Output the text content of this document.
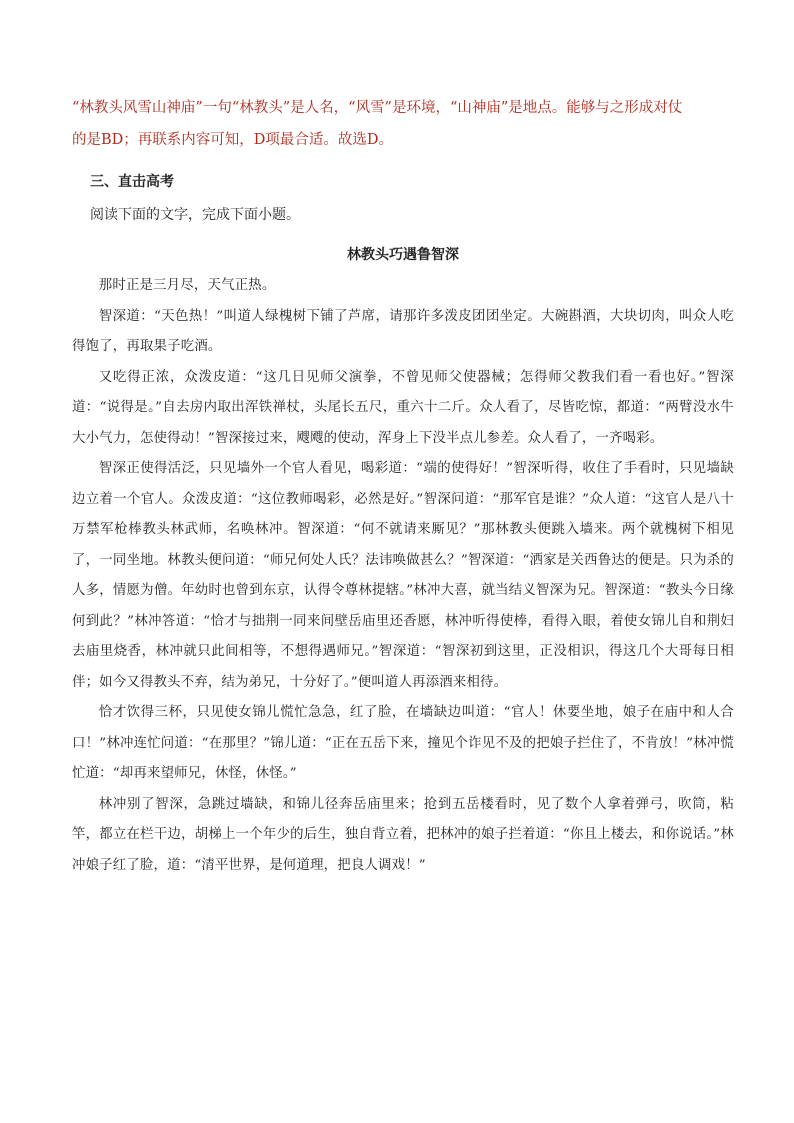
“林教头风雪山神庙”一句“林教头”是人名，“风雪”是环境，“山神庙”是地点。能够与之形成对仗
的是BD；再联系内容可知，D项最合适。故选D。

三、直击高考
阅读下面的文字，完成下面小题。
林教头巧遇鲁智深

那时正是三月尽，天气正热。

智深道：“天色热！”叫道人绿槐树下铺了芦席，请那许多泼皮团团坐定。大碗斟酒，大块切肉，叫众人吃得饱了，再取果子吃酒。

又吃得正浓，众泼皮道：“这几日见师父演拳，不曾见师父使器械；怎得师父教我们看一看也好。”智深道：“说得是。”自去房内取出浑铁禅杖，头尾长五尺，重六十二斤。众人看了，尽皆吃惊，都道：“两臂没水牛大小气力，怎使得动！”智深接过来，飕飕的使动，浑身上下没半点儿参差。众人看了，一齐喝彩。

智深正使得活泛，只见墙外一个官人看见，喝彩道：“端的使得好！”智深听得，收住了手看时，只见墙缺边立着一个官人。众泼皮道：“这位教师喝彩，必然是好。”智深问道：“那军官是谁？”众人道：“这官人是八十万禁军枪棒教头林武师，名唤林冲。智深道：“何不就请来厮见？”那林教头便跳入墙来。两个就槐树下相见了，一同坐地。林教头便问道：“师兄何处人氏？法讳唤做甚么？”智深道：“洒家是关西鲁达的便是。只为杀的人多，情愿为僧。年幼时也曾到东京，认得令尊林提辖。”林冲大喜，就当结义智深为兄。智深道：“教头今日缘何到此？”林冲答道：“恰才与拙荆一同来间壁岳庙里还香愿，林冲听得使棒，看得入眼，着使女锦儿自和荆妇去庙里烧香，林冲就只此间相等，不想得遇师兄。”智深道：“智深初到这里，正没相识，得这几个大哥每日相伴；如今又得教头不弃，结为弟兄，十分好了。”便叫道人再添酒来相待。

恰才饮得三杯，只见使女锦儿慌忙急急，红了脸，在墙缺边叫道：“官人！休要坐地，娘子在庙中和人合口！”林冲连忙问道：“在那里？”锦儿道：“正在五岳下来，撞见个诈见不及的把娘子拦住了，不肯放！”林冲慌忙道：“却再来望师兄，休怪，休怪。”

林冲别了智深，急跳过墙缺，和锦儿径奔岳庙里来；抢到五岳楼看时，见了数个人拿着弹弓，吹筒，粘竿，都立在栏干边，胡梯上一个年少的后生，独自背立着，把林冲的娘子拦着道：“你且上楼去，和你说话。”林冲娘子红了脸，道：“清平世界，是何道理，把良人调戏！”
